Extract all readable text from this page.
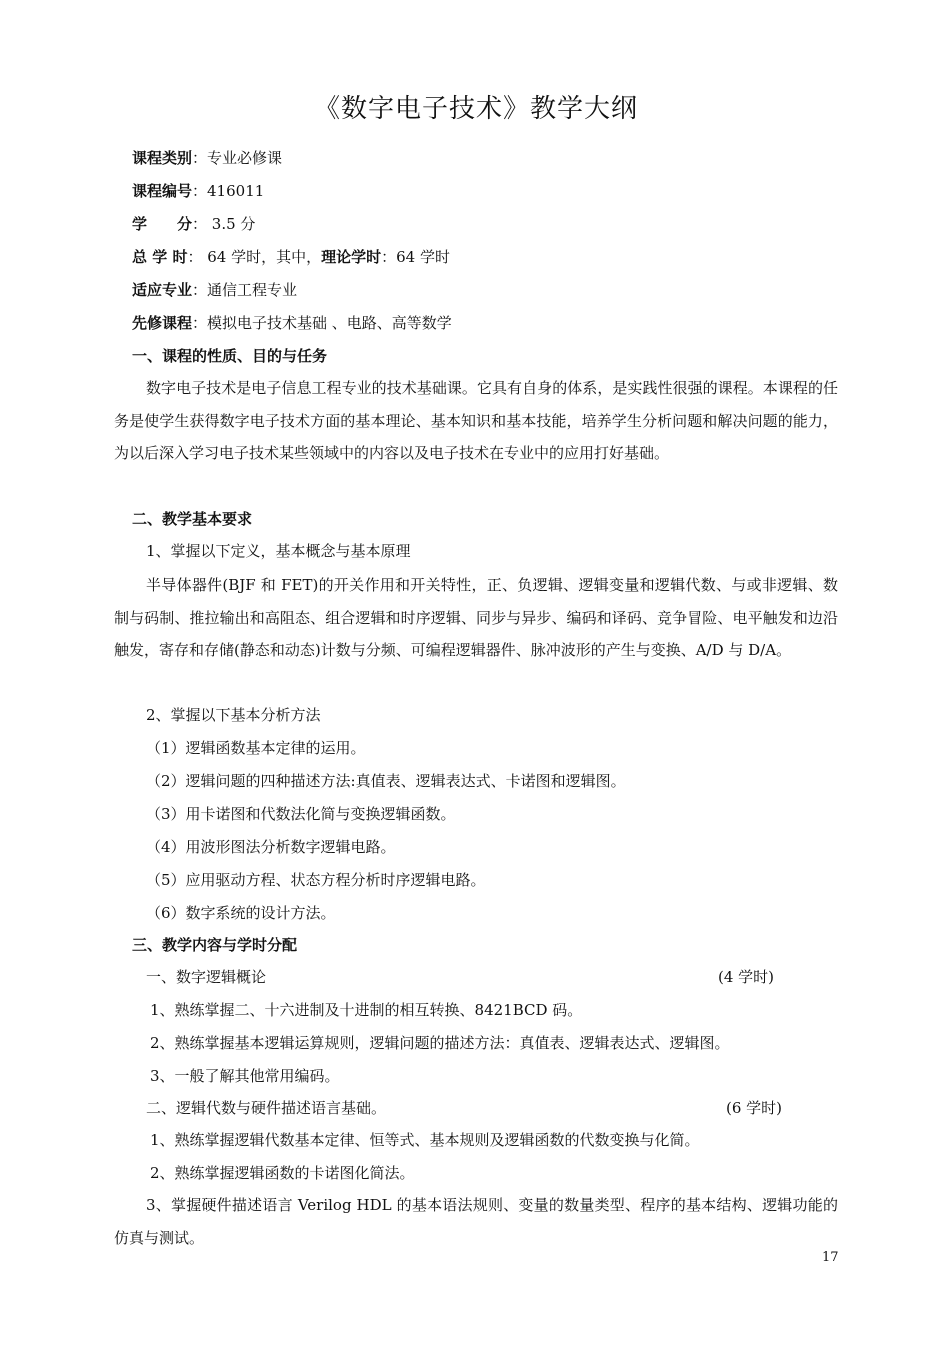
《数字电子技术》教学大纲
课程类别：专业必修课
课程编号：416011
学　　分： 3.5 分
总 学 时： 64 学时，其中，理论学时：64 学时
适应专业：通信工程专业
先修课程：模拟电子技术基础 、电路、高等数学
一、课程的性质、目的与任务
数字电子技术是电子信息工程专业的技术基础课。它具有自身的体系，是实践性很强的课程。本课程的任务是使学生获得数字电子技术方面的基本理论、基本知识和基本技能，培养学生分析问题和解决问题的能力，为以后深入学习电子技术某些领域中的内容以及电子技术在专业中的应用打好基础。
二、教学基本要求
1、掌握以下定义，基本概念与基本原理
半导体器件(BJF 和 FET)的开关作用和开关特性，正、负逻辑、逻辑变量和逻辑代数、与或非逻辑、数制与码制、推拉输出和高阻态、组合逻辑和时序逻辑、同步与异步、编码和译码、竞争冒险、电平触发和边沿触发，寄存和存储(静态和动态)计数与分频、可编程逻辑器件、脉冲波形的产生与变换、A/D 与 D/A。
2、掌握以下基本分析方法
（1）逻辑函数基本定律的运用。
（2）逻辑问题的四种描述方法:真值表、逻辑表达式、卡诺图和逻辑图。
（3）用卡诺图和代数法化简与变换逻辑函数。
（4）用波形图法分析数字逻辑电路。
（5）应用驱动方程、状态方程分析时序逻辑电路。
（6）数字系统的设计方法。
三、教学内容与学时分配
一、数字逻辑概论	(4 学时)
1、熟练掌握二、十六进制及十进制的相互转换、8421BCD 码。
2、熟练掌握基本逻辑运算规则，逻辑问题的描述方法：真值表、逻辑表达式、逻辑图。
3、一般了解其他常用编码。
二、逻辑代数与硬件描述语言基础。	(6 学时)
1、熟练掌握逻辑代数基本定律、恒等式、基本规则及逻辑函数的代数变换与化简。
2、熟练掌握逻辑函数的卡诺图化简法。
3、掌握硬件描述语言 Verilog HDL 的基本语法规则、变量的数量类型、程序的基本结构、逻辑功能的仿真与测试。
17
